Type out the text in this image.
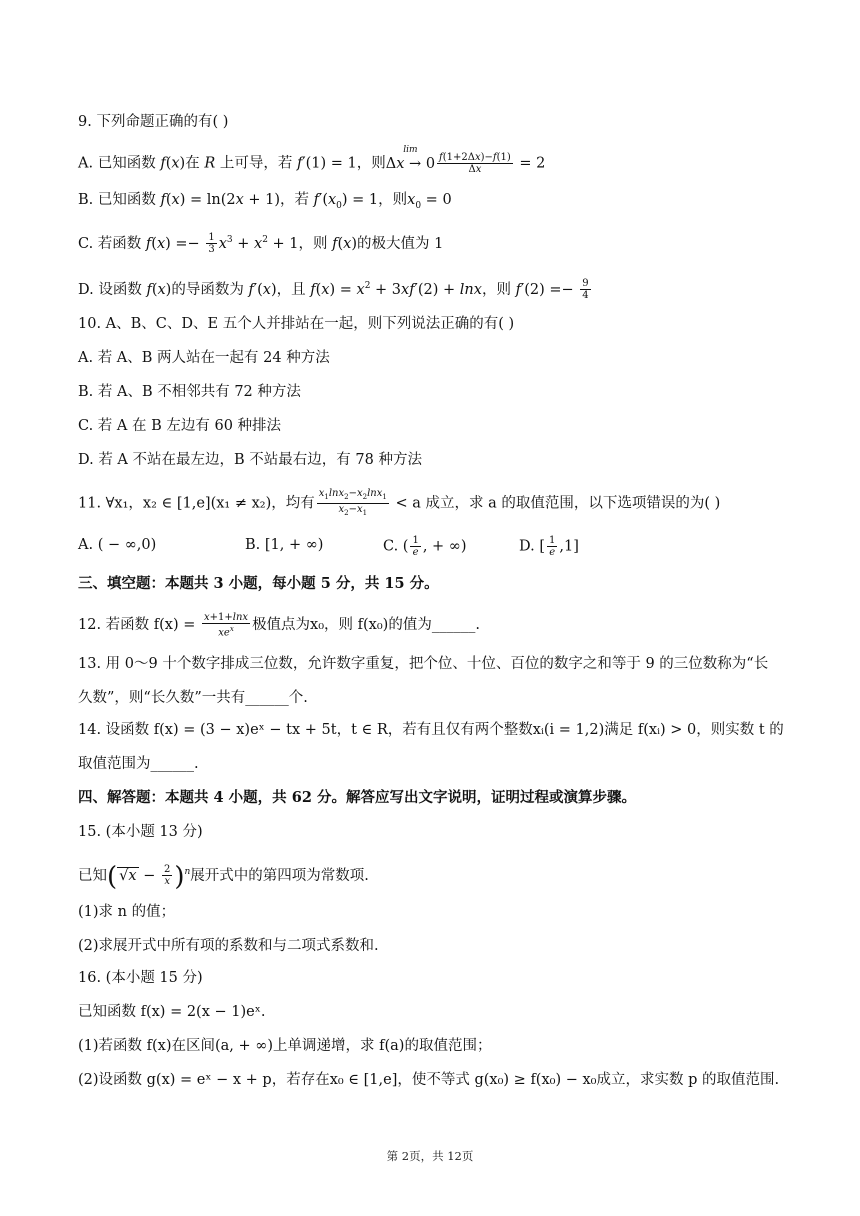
9. 下列命题正确的有( )
A. 已知函数 f(x)在 R 上可导，若 f′(1) = 1，则
lim
$\Delta x \to 0 \frac{f(1+2\Delta x)-f(1)}{\Delta x} = 2$
B. 已知函数 f(x) = ln(2x + 1)，若 $f'(x_0) = 1$，则$x_0 = 0$
C. 若函数 $f(x) =- \frac{1}{3} x^3 + x^2 + 1$，则 f(x)的极大值为 1
D. 设函数 f(x)的导函数为 f′(x)，且 $f(x) = x^2 + 3xf'(2) + \ln x$，则 $f'(2) =- \frac{9}{4}$
10. A、B、C、D、E 五个人并排站在一起，则下列说法正确的有( )
A. 若 A、B 两人站在一起有 24 种方法
B. 若 A、B 不相邻共有 72 种方法
C. 若 A 在 B 左边有 60 种排法
D. 若 A 不站在最左边，B 不站最右边，有 78 种方法
11. ∀x₁，x₂ ∈ [1,e](x₁ ≠ x₂)，均有 $\frac{x_1\ln x_2-x_2\ln x_1}{x_2-x_1} < a$ 成立，求 a 的取值范围，以下选项错误的为( )
A. ( − ∞,0)	B. [1, + ∞)	C. ( $\frac{1}{e}$ , + ∞)	D. [ $\frac{1}{e} ,1$]
三、填空题：本题共 3 小题，每小题 5 分，共 15 分。
12. 若函数 $f(x) = \frac{x+1+\ln x}{xe^x}$ 极值点为x₀，则 f(x₀)的值为______.
13. 用 0～9 十个数字排成三位数，允许数字重复，把个位、十位、百位的数字之和等于 9 的三位数称为“长
久数”，则“长久数”一共有______个.
14. 设函数 f(x) = (3 − x)eˣ − tx + 5t，t ∈ R，若有且仅有两个整数xᵢ(i = 1,2)满足 f(xᵢ) > 0，则实数 t 的
取值范围为______.
四、解答题：本题共 4 小题，共 62 分。解答应写出文字说明，证明过程或演算步骤。
15. (本小题 13 分)
已知( $√x - \frac{2}{x} )^n$展开式中的第四项为常数项.
(1)求 n 的值；
(2)求展开式中所有项的系数和与二项式系数和.
16. (本小题 15 分)
已知函数 f(x) = 2(x − 1)eˣ.
(1)若函数 f(x)在区间(a, + ∞)上单调递增，求 f(a)的取值范围；
(2)设函数 g(x) = eˣ − x + p，若存在x₀ ∈ [1,e]，使不等式 g(x₀) ≥ f(x₀) − x₀成立，求实数 p 的取值范围.
第 2页，共 12页
